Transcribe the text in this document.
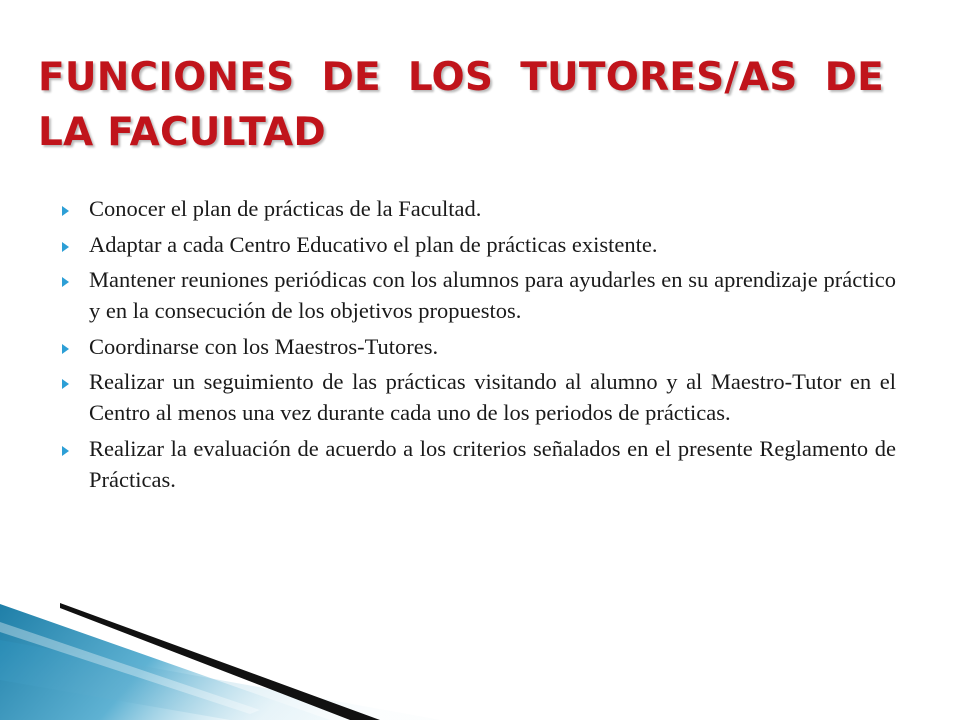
FUNCIONES DE LOS TUTORES/AS DE LA FACULTAD
Conocer el plan de prácticas de la Facultad.
Adaptar a cada Centro Educativo el plan de prácticas existente.
Mantener reuniones periódicas con los alumnos para ayudarles en su aprendizaje práctico y en la consecución de los objetivos propuestos.
Coordinarse con los Maestros-Tutores.
Realizar un seguimiento de las prácticas visitando al alumno y al Maestro-Tutor en el Centro al menos una vez durante cada uno de los periodos de prácticas.
Realizar la evaluación de acuerdo a los criterios señalados en el presente Reglamento de Prácticas.
